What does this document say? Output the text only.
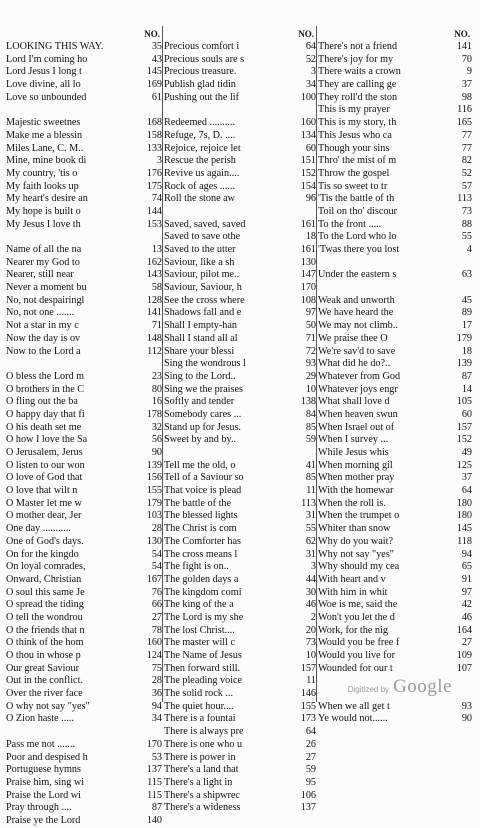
NO.
LOOKING THIS WAY.	35
Lord I'm coming ho	43
Lord Jesus I long t	145
Love divine, all lo	169
Love so unbounded	61
Majestic sweetnes	168
Make me a blessin	158
Miles Lane, C. M..	133
Mine, mine book di	3
My country, 'tis o	176
My faith looks up	175
My heart's desire an	74
My hope is built o	144
My Jesus I love th	153
Name of all the na	13
Nearer my God to	162
Nearer, still near	143
Never a moment bu	58
No, not despairingl	128
No, not one .......	141
Not a star in my c	71
Now the day is ov	148
Now to the Lord a	112
O bless the Lord m	23
O brothers in the C	80
O fling out the ba	16
O happy day that fi	178
O his death set me	32
O how I love the Sa	56
O Jerusalem, Jerus	90
O listen to our won	139
O love of God that	156
O love that wilt n	155
O Master let me w	179
O mother dear, Jer	103
One day ...........	28
One of God's days.	130
On for the kingdo	54
On loyal comrades,	54
Onward, Christian	167
O soul this same Je	76
O spread the tiding	66
O tell the wondrou	27
O the friends that n	78
O think of the hom	160
O thou in whose p	124
Our great Saviour	75
Out in the conflict.	28
Over the river face	36
O why not say "yes"	94
O Zion haste .....	34
Pass me not .......	170
Poor and despised h	53
Portuguese hymns	137
Praise him, sing wi	115
Praise the Lord wi	115
Pray through ....	87
Praise ye the Lord	140
NO.
Precious comfort i	64
Precious souls are s	52
Precious treasure.	3
Publish glad tidin	34
Pushing out the lif	100
Redeemed ..........	160
Refuge, 7s, D. ....	134
Rejoice, rejoice let	60
Rescue the perish	151
Revive us again....	152
Rock of ages ......	154
Roll the stone aw	96
Saved, saved, saved	161
Saved to save othe	18
Saved to the utter	161
Saviour, like a sh	130
Saviour, pilot me..	147
Saviour, Saviour, h	170
See the cross where	108
Shadows fall and e	97
Shall I empty-han	50
Shall I stand all al	71
Share your blessi	72
Sing the wondrous l	93
Sing to the Lord..	29
Sing we the praises	10
Softly and tender	138
Somebody cares ...	84
Stand up for Jesus.	85
Sweet by and by..	59
Tell me the old, o	41
Tell of a Saviour so	85
That voice is plead	11
The battle of the	113
The blessed lights	31
The Christ is com	55
The Comforter has	62
The cross means l	31
The fight is on..	3
The golden days a	44
The kingdom comi	30
The king of the a	46
The Lord is my she	2
The lost Christ....	20
The master will c	73
The Name of Jesus	10
Then forward still.	157
The pleading voice	11
The solid rock ...	146
The quiet hour....	155
There is a fountai	173
There is always pre	64
There is one who u	26
There is power in	27
There's a land that	59
There's a light in	95
There's a shipwrec	106
There's a wideness	137
NO.
There's not a friend	141
There's joy for my	70
There waits a crown	9
They are calling ge	37
They roll'd the ston	98
This is my prayer	116
This is my story, th	165
This Jesus who ca	77
Though your sins	77
Thro' the mist of m	82
Throw the gospel	52
Tis so sweet to tr	57
'Tis the battle of th	113
Toil on tho' discour	73
To the front .....	88
To the Lord who lo	55
'Twas there you lost	4
Under the eastern s	63
Weak and unworth	45
We have heard the	89
We may not climb..	17
We praise thee O	179
We're sav'd to save	18
What did he do?..	139
Whatever from God	87
Whatever joys engr	14
What shall love d	105
When heaven swun	60
When Israel out of	157
When I survey ...	152
While Jesus whis	49
When morning gil	125
When mother pray	37
With the homewar	64
When the roll is.	180
When the trumpet o	180
Whiter than snow	145
Why do you wait?	118
Why not say "yes"	94
Why should my cea	65
With heart and v	91
With him in whit	97
Woe is me, said the	42
Won't you let the d	46
Work, for the nig	164
Would you be free f	27
Would you live for	109
Wounded for our t	107
When we all get t	93
Ye would not......	90
Digitized by Google
